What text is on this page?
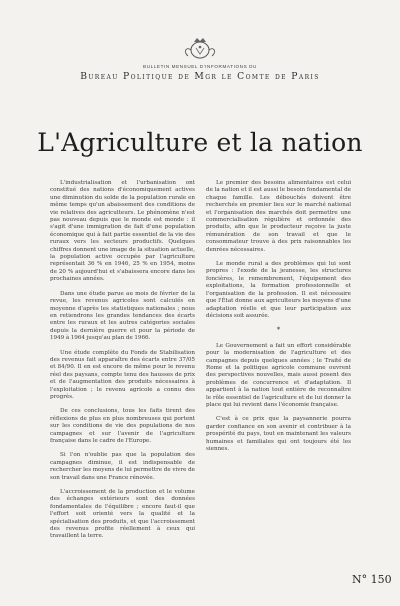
BULLETIN MENSUEL D'INFORMATIONS DU
Bureau Politique de Mgr le Comte de Paris
L'Agriculture et la nation

L'industrialisation et l'urbanisation ont constitué des nations d'économiquement actives une diminution du solde de la population rurale en même temps qu'un abaissement des conditions de vie relatives des agriculteurs. Le phénomène n'est pas nouveau depuis que le monde est monde : il s'agit d'une immigration de fait d'une population économique qui à fait partie essentiel de la vie des ruraux vers les secteurs productifs. Quelques chiffres donnent une image de la situation actuelle, la population active occupée par l'agriculture représentait 36 % en 1946, 25 % en 1954, moins de 20 % aujourd'hui et s'abaissera encore dans les prochaines années.

Dans une étude parue au mois de février de la revue, les revenus agricoles sont calculés en moyenne d'après les statistiques nationales ; nous en retiendrons les grandes tendances des écarts entre les ruraux et les autres catégories sociales depuis la dernière guerre et pour la période de 1949 à 1964 jusqu'au plan de 1966.

Une étude complète du Fonds de Stabilisation des revenus fait apparaître des écarts entre 37/05 et 84/90. Il en est encore de même pour le revenu réel des paysans, compte tenu des hausses de prix et de l'augmentation des produits nécessaires à l'exploitation ; le revenu agricole a connu des progrès.

De ces conclusions, tous les faits tirent des réflexions de plus en plus nombreuses qui portent sur les conditions de vie des populations de nos campagnes et sur l'avenir de l'agriculture française dans le cadre de l'Europe.

Si l'on n'oublie pas que la population des campagnes diminue, il est indispensable de rechercher les moyens de lui permettre de vivre de son travail dans une France rénovée.

L'accroissement de la production et le volume des échanges extérieurs sont des données fondamentales de l'équilibre ; encore faut-il que l'effort soit orienté vers la qualité et la spécialisation des produits, et que l'accroissement des revenus profite réellement à ceux qui travaillent la terre.

Le premier des besoins alimentaires est celui de la nation et il est aussi le besoin fondamental de chaque famille. Les débouchés doivent être recherchés en premier lieu sur le marché national et l'organisation des marchés doit permettre une commercialisation régulière et ordonnée des produits, afin que le producteur reçoive la juste rémunération de son travail et que le consommateur trouve à des prix raisonnables les denrées nécessaires.

Le monde rural a des problèmes qui lui sont propres : l'exode de la jeunesse, les structures foncières, le remembrement, l'équipement des exploitations, la formation professionnelle et l'organisation de la profession. Il est nécessaire que l'État donne aux agriculteurs les moyens d'une adaptation réelle et que leur participation aux décisions soit assurée.

*

Le Gouvernement a fait un effort considérable pour la modernisation de l'agriculture et des campagnes depuis quelques années ; le Traité de Rome et la politique agricole commune ouvrent des perspectives nouvelles, mais aussi posent des problèmes de concurrence et d'adaptation. Il appartient à la nation tout entière de reconnaître le rôle essentiel de l'agriculture et de lui donner la place qui lui revient dans l'économie française.

C'est à ce prix que la paysannerie pourra garder confiance en son avenir et contribuer à la prospérité du pays, tout en maintenant les valeurs humaines et familiales qui ont toujours été les siennes.

N° 150
